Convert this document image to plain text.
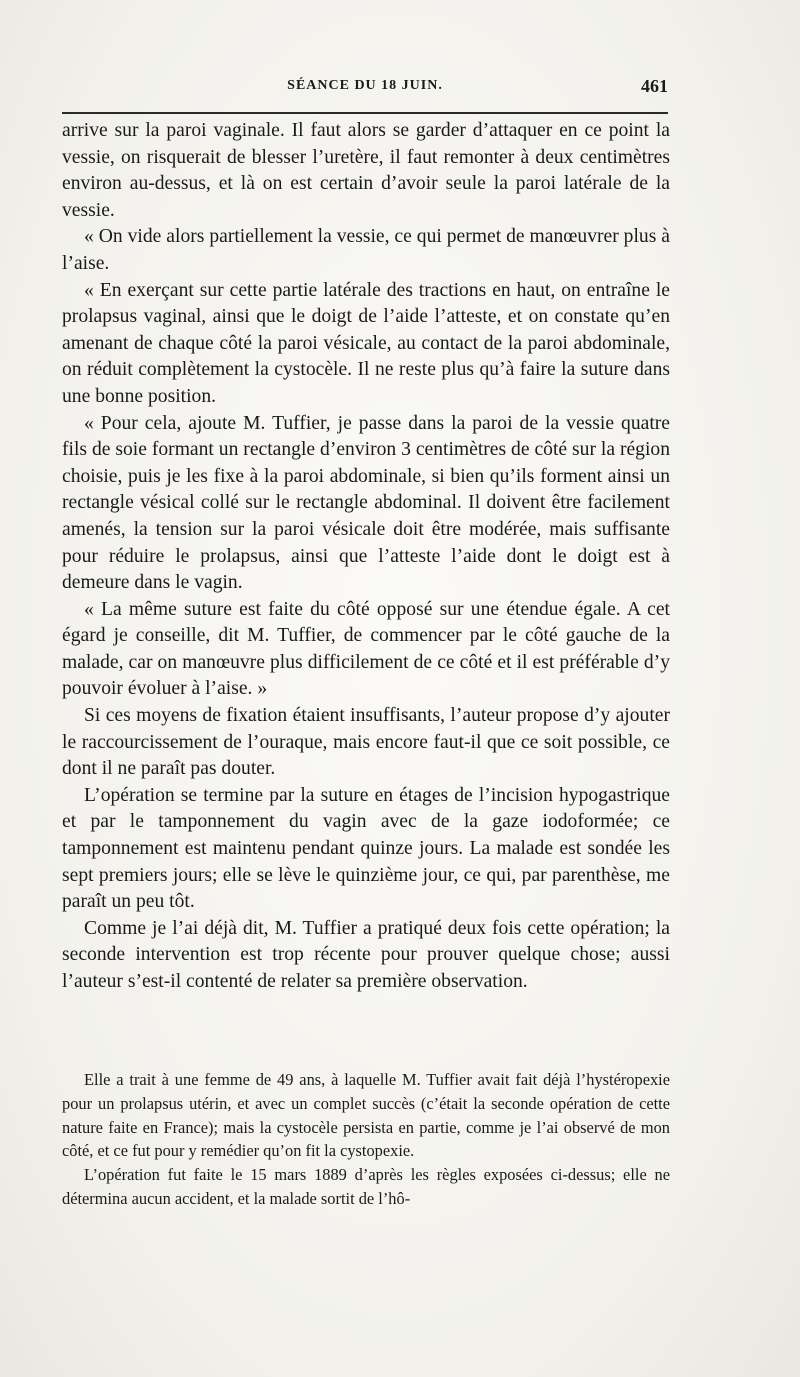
SÉANCE DU 18 JUIN.	461

arrive sur la paroi vaginale. Il faut alors se garder d’attaquer en ce point la vessie, on risquerait de blesser l’uretère, il faut remonter à deux centimètres environ au-dessus, et là on est certain d’avoir seule la paroi latérale de la vessie.

« On vide alors partiellement la vessie, ce qui permet de manœuvrer plus à l’aise.

« En exerçant sur cette partie latérale des tractions en haut, on entraîne le prolapsus vaginal, ainsi que le doigt de l’aide l’atteste, et on constate qu’en amenant de chaque côté la paroi vésicale, au contact de la paroi abdominale, on réduit complètement la cystocèle. Il ne reste plus qu’à faire la suture dans une bonne position.

« Pour cela, ajoute M. Tuffier, je passe dans la paroi de la vessie quatre fils de soie formant un rectangle d’environ 3 centimètres de côté sur la région choisie, puis je les fixe à la paroi abdominale, si bien qu’ils forment ainsi un rectangle vésical collé sur le rectangle abdominal. Il doivent être facilement amenés, la tension sur la paroi vésicale doit être modérée, mais suffisante pour réduire le prolapsus, ainsi que l’atteste l’aide dont le doigt est à demeure dans le vagin.

« La même suture est faite du côté opposé sur une étendue égale. A cet égard je conseille, dit M. Tuffier, de commencer par le côté gauche de la malade, car on manœuvre plus difficilement de ce côté et il est préférable d’y pouvoir évoluer à l’aise. »

Si ces moyens de fixation étaient insuffisants, l’auteur propose d’y ajouter le raccourcissement de l’ouraque, mais encore faut-il que ce soit possible, ce dont il ne paraît pas douter.

L’opération se termine par la suture en étages de l’incision hypogastrique et par le tamponnement du vagin avec de la gaze iodoformée; ce tamponnement est maintenu pendant quinze jours. La malade est sondée les sept premiers jours; elle se lève le quinzième jour, ce qui, par parenthèse, me paraît un peu tôt.

Comme je l’ai déjà dit, M. Tuffier a pratiqué deux fois cette opération; la seconde intervention est trop récente pour prouver quelque chose; aussi l’auteur s’est-il contenté de relater sa première observation.

Elle a trait à une femme de 49 ans, à laquelle M. Tuffier avait fait déjà l’hystéropexie pour un prolapsus utérin, et avec un complet succès (c’était la seconde opération de cette nature faite en France); mais la cystocèle persista en partie, comme je l’ai observé de mon côté, et ce fut pour y remédier qu’on fit la cystopexie.

L’opération fut faite le 15 mars 1889 d’après les règles exposées ci-dessus; elle ne détermina aucun accident, et la malade sortit de l’hô-
